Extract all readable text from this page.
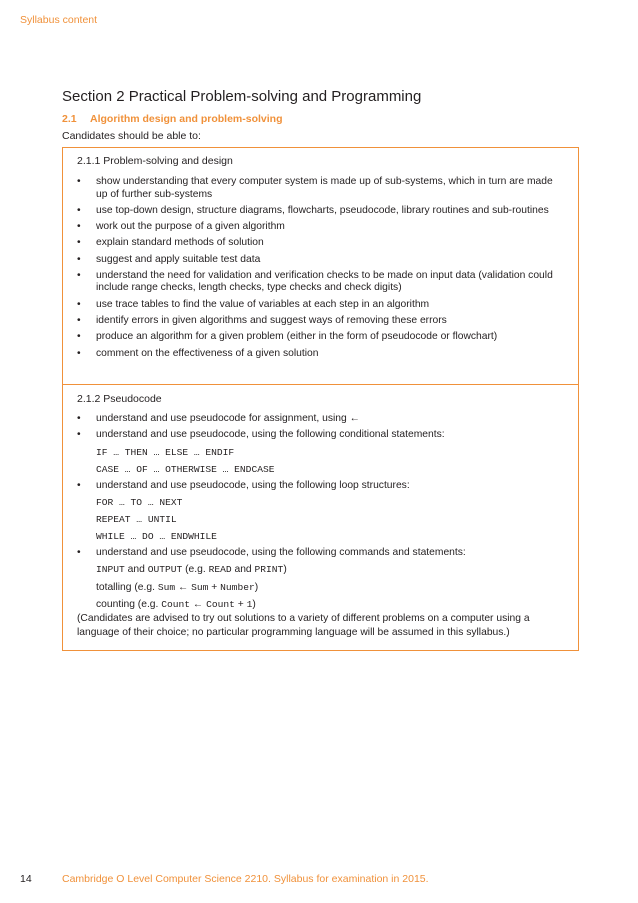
Syllabus content
Section 2 Practical Problem-solving and Programming
2.1 Algorithm design and problem-solving
Candidates should be able to:
2.1.1 Problem-solving and design
• show understanding that every computer system is made up of sub-systems, which in turn are made up of further sub-systems
• use top-down design, structure diagrams, flowcharts, pseudocode, library routines and sub-routines
• work out the purpose of a given algorithm
• explain standard methods of solution
• suggest and apply suitable test data
• understand the need for validation and verification checks to be made on input data (validation could include range checks, length checks, type checks and check digits)
• use trace tables to find the value of variables at each step in an algorithm
• identify errors in given algorithms and suggest ways of removing these errors
• produce an algorithm for a given problem (either in the form of pseudocode or flowchart)
• comment on the effectiveness of a given solution
2.1.2 Pseudocode
• understand and use pseudocode for assignment, using ←
• understand and use pseudocode, using the following conditional statements:
IF … THEN … ELSE … ENDIF
CASE … OF … OTHERWISE … ENDCASE
• understand and use pseudocode, using the following loop structures:
FOR … TO … NEXT
REPEAT … UNTIL
WHILE … DO … ENDWHILE
• understand and use pseudocode, using the following commands and statements:
INPUT and OUTPUT (e.g. READ and PRINT)
totalling (e.g. Sum ← Sum + Number)
counting (e.g. Count ← Count + 1)
(Candidates are advised to try out solutions to a variety of different problems on a computer using a language of their choice; no particular programming language will be assumed in this syllabus.)
14	Cambridge O Level Computer Science 2210. Syllabus for examination in 2015.
